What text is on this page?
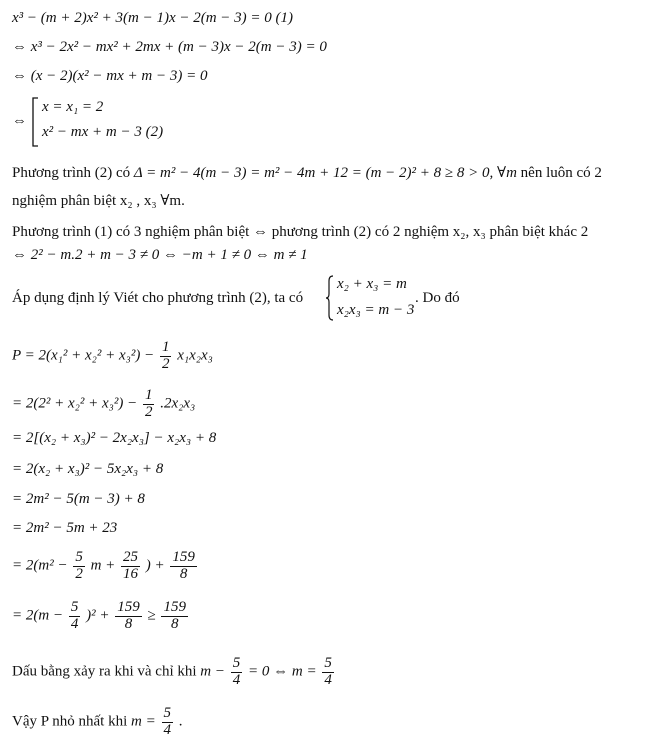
x³ − (m + 2)x² + 3(m − 1)x − 2(m − 3) = 0 (1)
⇔ x³ − 2x² − mx² + 2mx + (m − 3)x − 2(m − 3) = 0
⇔ (x − 2)(x² − mx + m − 3) = 0
⇔
x = x₁ = 2
x² − mx + m − 3 (2)
Phương trình (2) có Δ = m² − 4(m − 3) = m² − 4m + 12 = (m − 2)² + 8 ≥ 8 > 0, ∀m nên luôn có 2
nghiệm phân biệt x₂ , x₃ ∀m.
Phương trình (1) có 3 nghiệm phân biệt ⇔ phương trình (2) có 2 nghiệm x₂, x₃ phân biệt khác 2
⇔ 2² − m.2 + m − 3 ≠ 0 ⇔ −m + 1 ≠ 0 ⇔ m ≠ 1
Áp dụng định lý Viét cho phương trình (2), ta có
x₂ + x₃ = m
x₂x₃ = m − 3
. Do đó
$P = 2(x_1^2 + x_2^2 + x_3^2) - \frac{1}{2} x_1x_2x_3$
= $2(2^2 + x_2^2 + x_3^2) - \frac{1}{2} .2x_2x_3$
= 2[(x₂ + x₃)² − 2x₂x₃] − x₂x₃ + 8
= 2(x₂ + x₃)² − 5x₂x₃ + 8
= 2m² − 5(m − 3) + 8
= 2m² − 5m + 23
= $2(m^2 - \frac{5}{2}$ $m + \frac{25}{16}$ ) + $\frac{159}{8}$
= $2(m - \frac{5}{4} )^2 + \frac{159}{8} \ge \frac{159}{8}$
Dấu bằng xảy ra khi và chỉ khi $m - \frac{5}{4} = 0$ ⇔ $m = \frac{5}{4}$
Vậy P nhỏ nhất khi $m = \frac{5}{4}$ .
